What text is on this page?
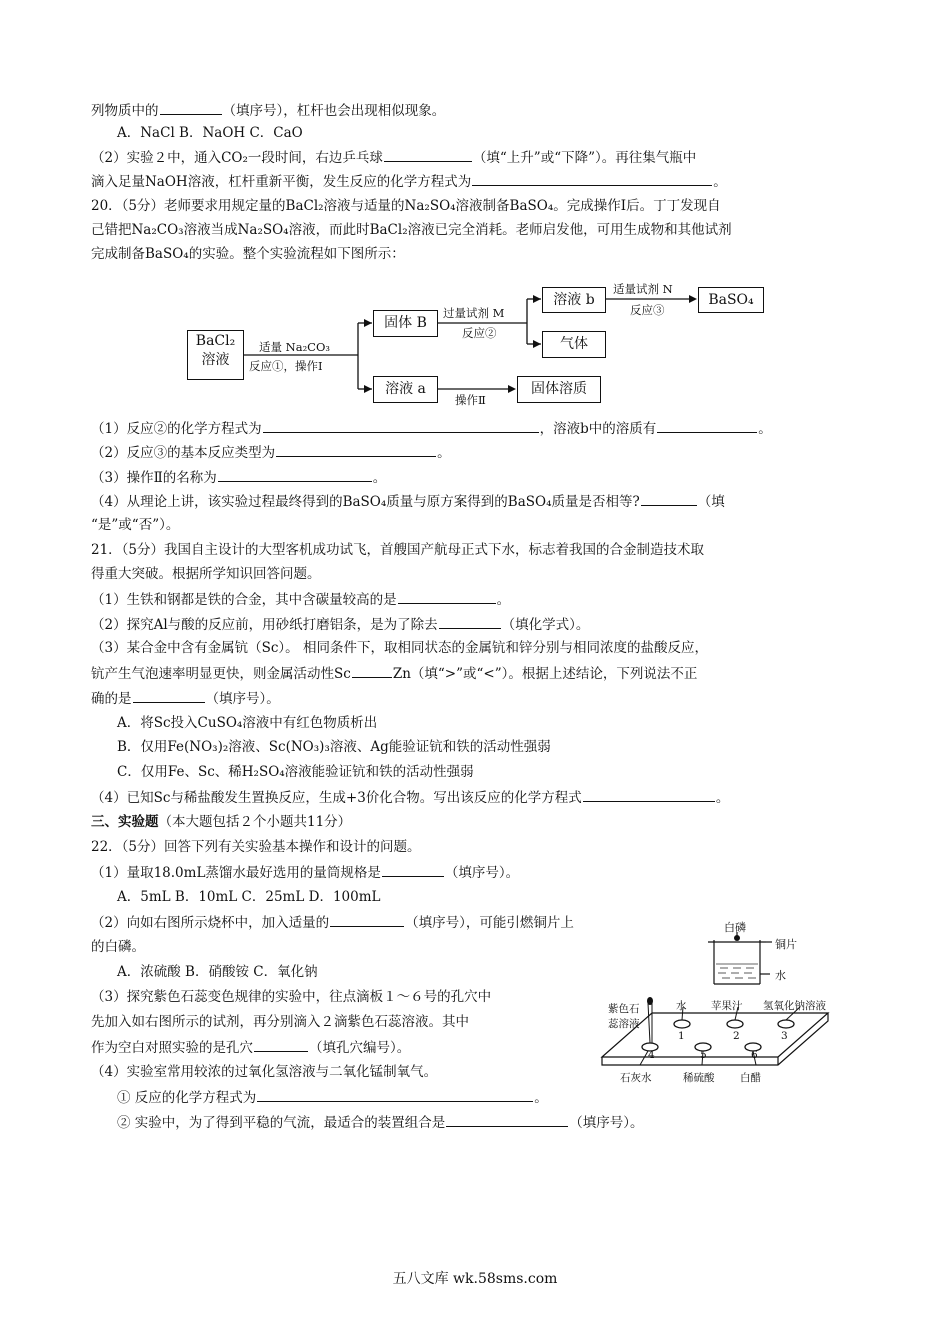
列物质中的	（填序号），杠杆也会出现相似现象。
A．NaCl B．NaOH C．CaO
（2）实验２中，通入CO₂一段时间，右边乒乓球	（填“上升”或“下降”）。再往集气瓶中
滴入足量NaOH溶液，杠杆重新平衡，发生反应的化学方程式为	。
20．（5分）老师要求用规定量的BaCl₂溶液与适量的Na₂SO₄溶液制备BaSO₄。完成操作Ⅰ后。丁丁发现自
己错把Na₂CO₃溶液当成Na₂SO₄溶液，而此时BaCl₂溶液已完全消耗。老师启发他，可用生成物和其他试剂
完成制备BaSO₄的实验。整个实验流程如下图所示：
BaCl₂
溶液
适量 Na₂CO₃
反应①，操作Ⅰ
固体 B
过量试剂 M
反应②
溶液 b
气体
适量试剂 N
反应③
BaSO₄
溶液 a
操作Ⅱ
固体溶质
（1）反应②的化学方程式为	，溶液b中的溶质有	。
（2）反应③的基本反应类型为	。
（3）操作Ⅱ的名称为	。
（4）从理论上讲，该实验过程最终得到的BaSO₄质量与原方案得到的BaSO₄质量是否相等?	（填
“是”或“否”）。
21．（5分）我国自主设计的大型客机成功试飞，首艘国产航母正式下水，标志着我国的合金制造技术取
得重大突破。根据所学知识回答问题。
（1）生铁和钢都是铁的合金，其中含碳量较高的是	。
（2）探究Al与酸的反应前，用砂纸打磨铝条，是为了除去	（填化学式）。
（3）某合金中含有金属钪（Sc）。 相同条件下，取相同状态的金属钪和锌分别与相同浓度的盐酸反应，
钪产生气泡速率明显更快，则金属活动性Sc	Zn（填“>”或“<”）。根据上述结论，下列说法不正
确的是	（填序号）。
A．将Sc投入CuSO₄溶液中有红色物质析出
B．仅用Fe(NO₃)₂溶液、Sc(NO₃)₃溶液、Ag能验证钪和铁的活动性强弱
C．仅用Fe、Sc、稀H₂SO₄溶液能验证钪和铁的活动性强弱
（4）已知Sc与稀盐酸发生置换反应，生成+3价化合物。写出该反应的化学方程式	。
三、实验题（本大题包括２个小题共11分）
22．（5分）回答下列有关实验基本操作和设计的问题。
（1）量取18.0mL蒸馏水最好选用的量筒规格是	（填序号）。
A．5mL B．10mL C．25mL D．100mL
（2）向如右图所示烧杯中，加入适量的	（填序号），可能引燃铜片上
的白磷。
A．浓硫酸 B．硝酸铵 C．氧化钠
（3）探究紫色石蕊变色规律的实验中，往点滴板１～６号的孔穴中
先加入如右图所示的试剂，再分别滴入２滴紫色石蕊溶液。其中
作为空白对照实验的是孔穴	（填孔穴编号）。
（4）实验室常用较浓的过氧化氢溶液与二氧化锰制氧气。
① 反应的化学方程式为	。
② 实验中，为了得到平稳的气流，最适合的装置组合是	（填序号）。
白磷
铜片
水
紫色石
蕊溶液
水 苹果汁 氢氧化钠溶液
1	2	3
4	5	6
石灰水	稀硫酸 白醋
五八文库 wk.58sms.com
